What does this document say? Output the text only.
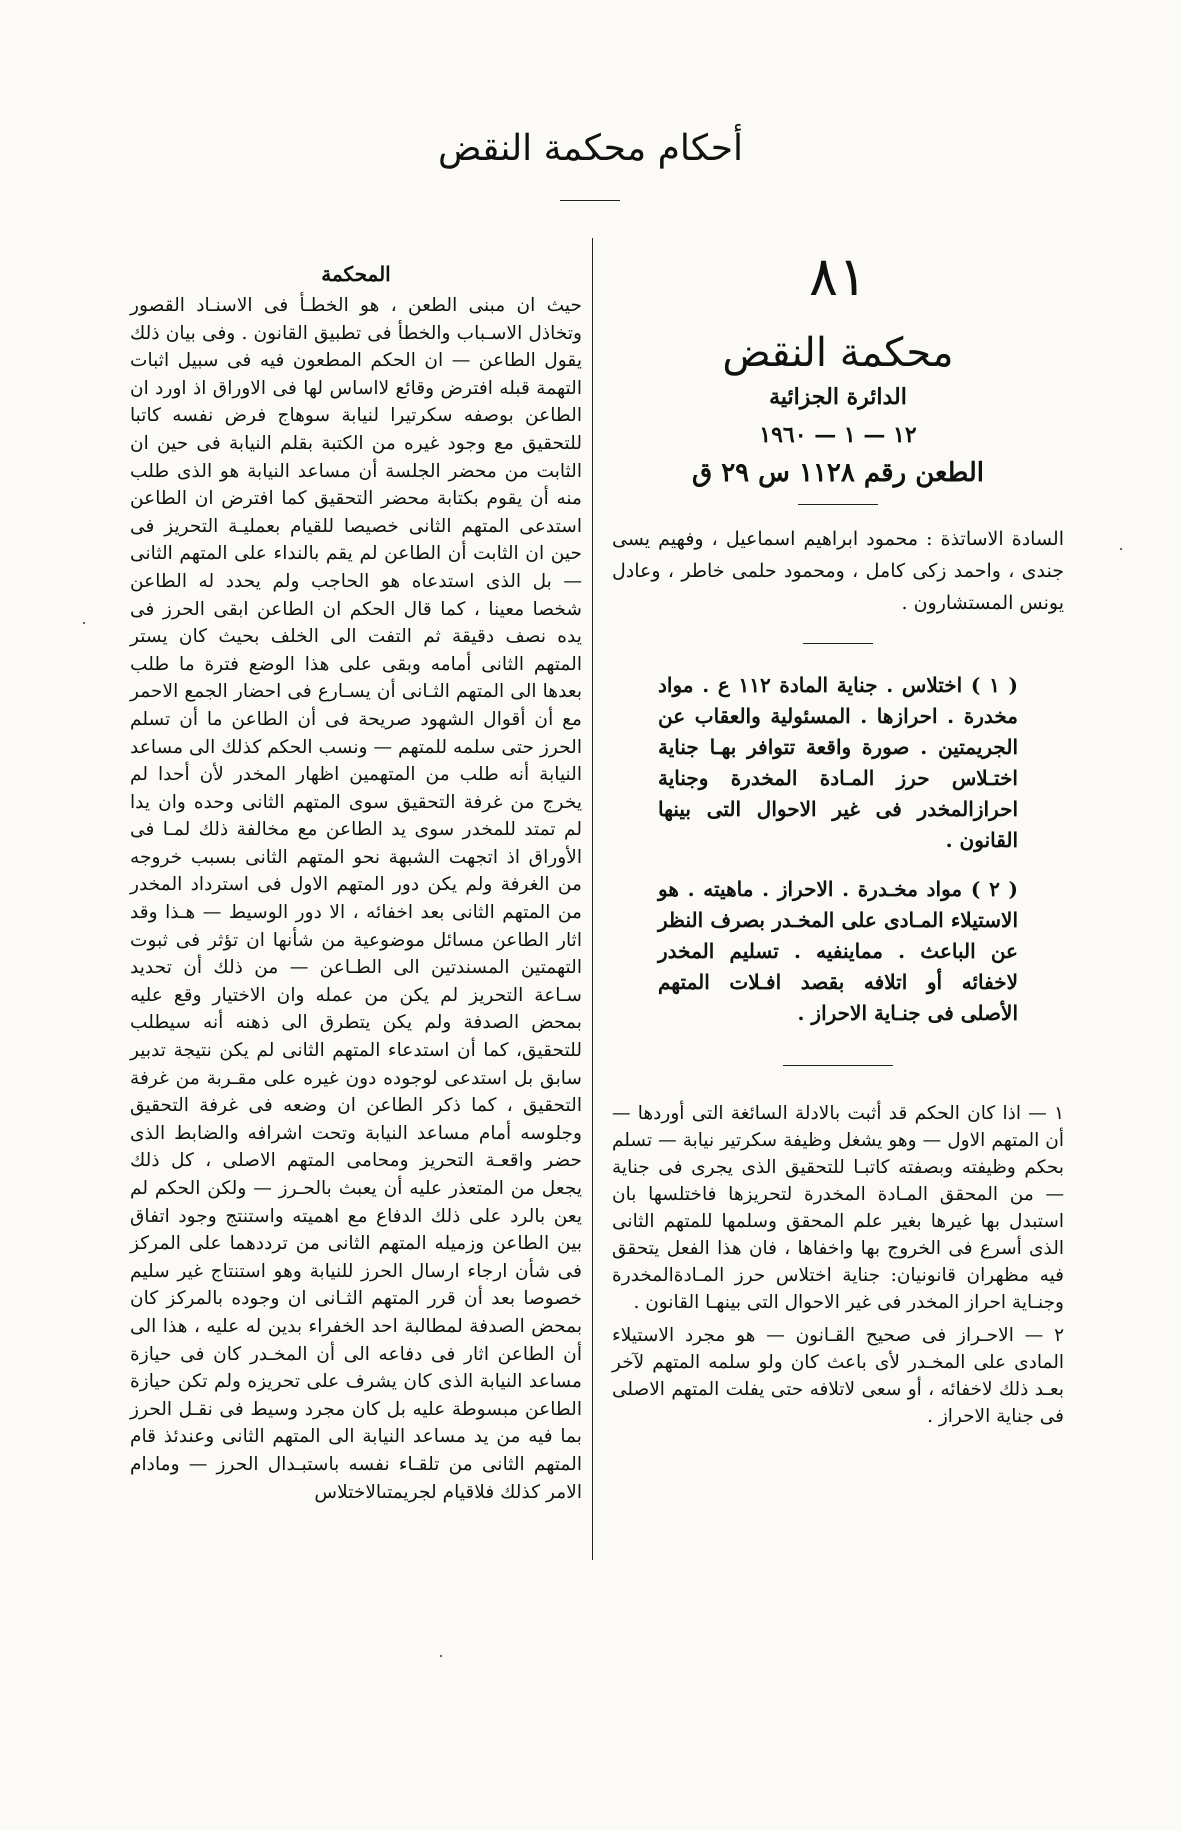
أحكام محكمة النقض
٨١
محكمة النقض
الدائرة الجزائية
١٢ — ١ — ١٩٦٠
الطعن رقم ١١٢٨ س ٢٩ ق

السادة الاساتذة : محمود ابراهيم اسماعيل ، وفهيم يسى جندى ، واحمد زكى كامل ، ومحمود حلمى خاطر ، وعادل يونس المستشارون .

( ١ ) اختلاس . جناية المادة ١١٢ ع . مواد مخدرة . احرازها . المسئولية والعقاب عن الجريمتين . صورة واقعة تتوافر بهـا جناية اختـلاس حرز المـادة المخدرة وجناية احرازالمخدر فى غير الاحوال التى بينها القانون .

( ٢ ) مواد مخـدرة . الاحراز . ماهيته . هو الاستيلاء المـادى على المخـدر بصرف النظر عن الباعث . مماينفيه . تسليم المخدر لاخفائه أو اتلافه بقصد افـلات المتهم الأصلى فى جنـاية الاحراز .

١ — اذا كان الحكم قد أثبت بالادلة السائغة التى أوردها — أن المتهم الاول — وهو يشغل وظيفة سكرتير نيابة — تسلم بحكم وظيفته وبصفته كاتبـا للتحقيق الذى يجرى فى جناية — من المحقق المـادة المخدرة لتحريزها فاختلسها بان استبدل بها غيرها بغير علم المحقق وسلمها للمتهم الثانى الذى أسرع فى الخروج بها واخفاها ، فان هذا الفعل يتحقق فيه مظهران قانونيان: جناية اختلاس حرز المـادةالمخدرة وجنـاية احراز المخدر فى غير الاحوال التى بينهـا القانون .

٢ — الاحـراز فى صحيح القـانون — هو مجرد الاستيلاء المادى على المخـدر لأى باعث كان ولو سلمه المتهم لآخر بعـد ذلك لاخفائه ، أو سعى لاتلافه حتى يفلت المتهم الاصلى فى جناية الاحراز .

المحكمة

حيث ان مبنى الطعن ، هو الخطـأ فى الاسنـاد القصور وتخاذل الاسـباب والخطأ فى تطبيق القانون . وفى بيان ذلك يقول الطاعن — ان الحكم المطعون فيه فى سبيل اثبات التهمة قبله افترض وقائع لااساس لها فى الاوراق اذ اورد ان الطاعن بوصفه سكرتيرا لنيابة سوهاج فرض نفسه كاتبا للتحقيق مع وجود غيره من الكتبة بقلم النيابة فى حين ان الثابت من محضر الجلسة أن مساعد النيابة هو الذى طلب منه أن يقوم بكتابة محضر التحقيق كما افترض ان الطاعن استدعى المتهم الثانى خصيصا للقيام بعمليـة التحريز فى حين ان الثابت أن الطاعن لم يقم بالنداء على المتهم الثانى — بل الذى استدعاه هو الحاجب ولم يحدد له الطاعن شخصا معينا ، كما قال الحكم ان الطاعن ابقى الحرز فى يده نصف دقيقة ثم التفت الى الخلف بحيث كان يستر المتهم الثانى أمامه وبقى على هذا الوضع فترة ما طلب بعدها الى المتهم الثـانى أن يسـارع فى احضار الجمع الاحمر مع أن أقوال الشهود صريحة فى أن الطاعن ما أن تسلم الحرز حتى سلمه للمتهم — ونسب الحكم كذلك الى مساعد النيابة أنه طلب من المتهمين اظهار المخدر لأن أحدا لم يخرج من غرفة التحقيق سوى المتهم الثانى وحده وان يدا لم تمتد للمخدر سوى يد الطاعن مع مخالفة ذلك لمـا فى الأوراق اذ اتجهت الشبهة نحو المتهم الثانى بسبب خروجه من الغرفة ولم يكن دور المتهم الاول فى استرداد المخدر من المتهم الثانى بعد اخفائه ، الا دور الوسيط — هـذا وقد اثار الطاعن مسائل موضوعية من شأنها ان تؤثر فى ثبوت التهمتين المسندتين الى الطـاعن — من ذلك أن تحديد سـاعة التحريز لم يكن من عمله وان الاختيار وقع عليه بمحض الصدفة ولم يكن يتطرق الى ذهنه أنه سيطلب للتحقيق، كما أن استدعاء المتهم الثانى لم يكن نتيجة تدبير سابق بل استدعى لوجوده دون غيره على مقـربة من غرفة التحقيق ، كما ذكر الطاعن ان وضعه فى غرفة التحقيق وجلوسه أمام مساعد النيابة وتحت اشرافه والضابط الذى حضر واقعـة التحريز ومحامى المتهم الاصلى ، كل ذلك يجعل من المتعذر عليه أن يعبث بالحـرز — ولكن الحكم لم يعن بالرد على ذلك الدفاع مع اهميته واستنتج وجود اتفاق بين الطاعن وزميله المتهم الثانى من ترددهما على المركز فى شأن ارجاء ارسال الحرز للنيابة وهو استنتاج غير سليم خصوصا بعد أن قرر المتهم الثـانى ان وجوده بالمركز كان بمحض الصدفة لمطالبة احد الخفراء بدين له عليه ، هذا الى أن الطاعن اثار فى دفاعه الى أن المخـدر كان فى حيازة مساعد النيابة الذى كان يشرف على تحريزه ولم تكن حيازة الطاعن مبسوطة عليه بل كان مجرد وسيط فى نقـل الحرز بما فيه من يد مساعد النيابة الى المتهم الثانى وعندئذ قام المتهم الثانى من تلقـاء نفسه باستبـدال الحرز — ومادام الامر كذلك فلاقيام لجريمتىالاختلاس
